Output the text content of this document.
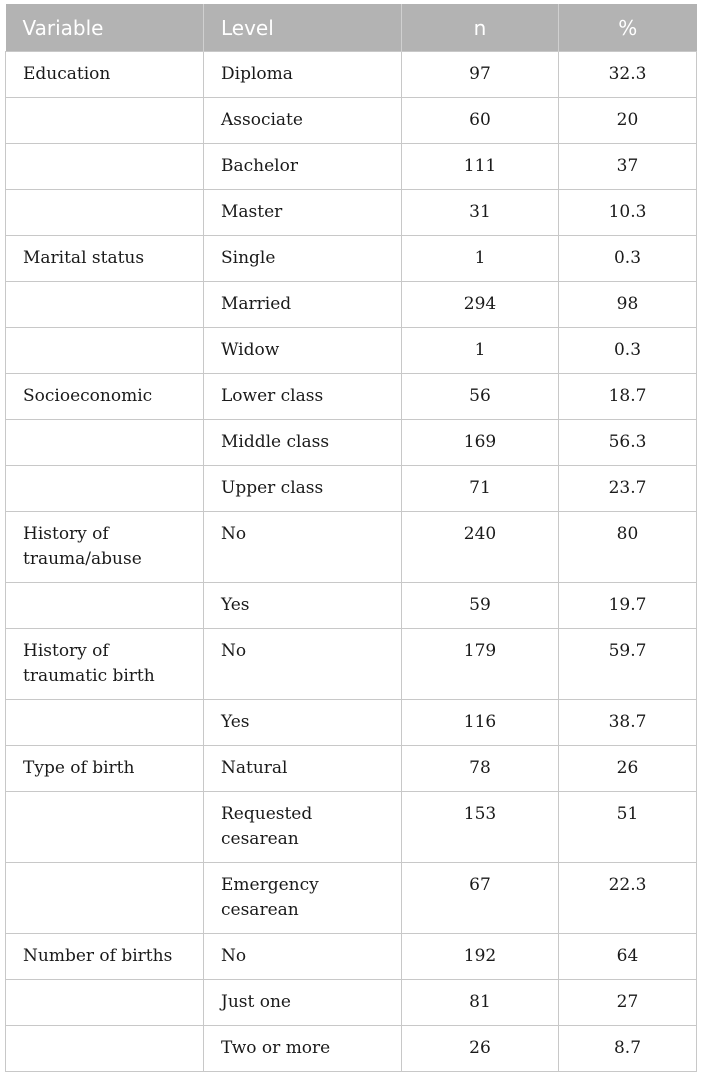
Variable	Level	n	%
Education	Diploma	97	32.3
	Associate	60	20
	Bachelor	111	37
	Master	31	10.3
Marital status	Single	1	0.3
	Married	294	98
	Widow	1	0.3
Socioeconomic	Lower class	56	18.7
	Middle class	169	56.3
	Upper class	71	23.7
History of trauma/abuse	No	240	80
	Yes	59	19.7
History of traumatic birth	No	179	59.7
	Yes	116	38.7
Type of birth	Natural	78	26
	Requested cesarean	153	51
	Emergency cesarean	67	22.3
Number of births	No	192	64
	Just one	81	27
	Two or more	26	8.7
